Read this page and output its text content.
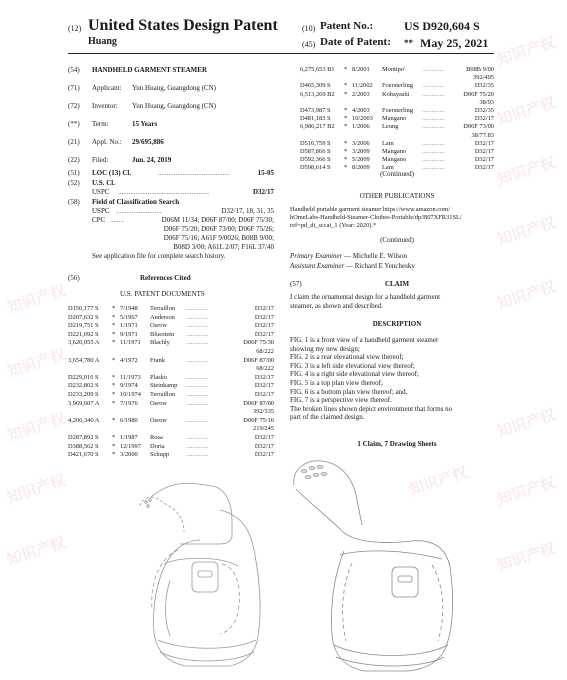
知识产权
知识产权
知识产权
知识产权
知识产权
知识产权
知识产权
知识产权
知识产权
知识产权
知识产权
知识产权
知识产权
知识产权
(12) United States Design Patent
Huang
(10) Patent No.:	US D920,604 S
(45) Date of Patent: ** May 25, 2021
(54) HANDHELD GARMENT STEAMER
(71) Applicant: Yun Huang, Guangdong (CN)
(72) Inventor: Yun Huang, Guangdong (CN)
(**) Term:	15 Years
(21) Appl. No.: 29/695,886
(22) Filed:	Jun. 24, 2019
(51) LOC (13) Cl.	.........................................	15-05
(52) U.S. Cl.
USPC ....................................................	D32/17
(58) Field of Classification Search
USPC ..........................	D32/17, 18, 31, 35
CPC ........	D06M 11/34; D06F 87/00; D06F 75/30;
D06F 75/20; D06F 73/00; D06F 75/26;
D06F 75/16; A61F 9/0026; B08B 9/00;
B08D 3/00; A61L 2/07; F16L 37/40
See application file for complete search history.
(56)	References Cited
U.S. PATENT DOCUMENTS
D150,177 S * 7/1948 Terraillon	D32/17
..............
D207,632 S * 5/1967 Anderson	D32/17
..............
D219,751 S * 1/1971 Osrow	D32/17
..............
D221,092 S * 9/1971 Bluestein	D32/17
..............
3,620,055 A * 11/1971 Blachly	D06F 75/30
..............
68/222
3,654,780 A * 4/1972 Frank	D06F 87/00
..............
68/222
D229,016 S * 11/1973 Plasko	D32/17
..............
D232,802 S * 9/1974 Steinkamp	D32/17
..............
D233,209 S * 10/1974 Terraillon	D32/17
..............
3,969,607 A * 7/1976 Osrow	D06F 87/00
..............
392/335
4,206,340 A * 6/1980 Osrow	D06F 75/16
..............
219/245
D287,892 S * 1/1987 Rosa	D32/17
..............
D388,562 S * 12/1997 Doria	D32/17
..............
D421,670 S * 3/2000 Schupp	D32/17
..............
6,275,653 B1 * 8/2001 Montipo'	B08B 9/00
..............
392/405
D465,309 S * 11/2002 Foersterling	D32/35
..............
6,513,269 B2 * 2/2003 Kobayashi	D06F 75/20
..............
38/93
D473,987 S * 4/2003 Foersterling	D32/35
..............
D481,183 S * 10/2003 Mangano	D32/17
..............
6,986,217 B2 * 1/2006 Leung	D06F 73/00
..............
38/77.83
D516,759 S * 3/2006 Lam	D32/17
..............
D587,866 S * 3/2009 Mangano	D32/17
..............
D592,366 S * 5/2009 Mangano	D32/17
..............
D598,614 S * 8/2009 Lam	D32/17
..............
(Continued)
OTHER PUBLICATIONS
Handheld portable garment steamer https://www.amazon.com/
hOmeLabs-Handheld-Steamer-Clothes-Portable/dp/B07XFR31SL/
ref=pd_di_sccai_1 (Year: 2020).*
(Continued)
Primary Examiner — Michelle E. Wilson
Assistant Examiner — Richard E Yenchesky
(57)	CLAIM
I claim the ornamental design for a handheld garment
steamer, as shown and described.
DESCRIPTION
FIG. 1 is a front view of a handheld garment steamer
showing my new design;
FIG. 2 is a rear elevational view thereof;
FIG. 3 is a left side elevational view thereof;
FIG. 4 is a right side elevational view thereof;
FIG. 5 is a top plan view thereof;
FIG. 6 is a bottom plan view thereof; and,
FIG. 7 is a perspective view thereof.
The broken lines shown depict environment that forms no
part of the claimed design.
1 Claim, 7 Drawing Sheets
